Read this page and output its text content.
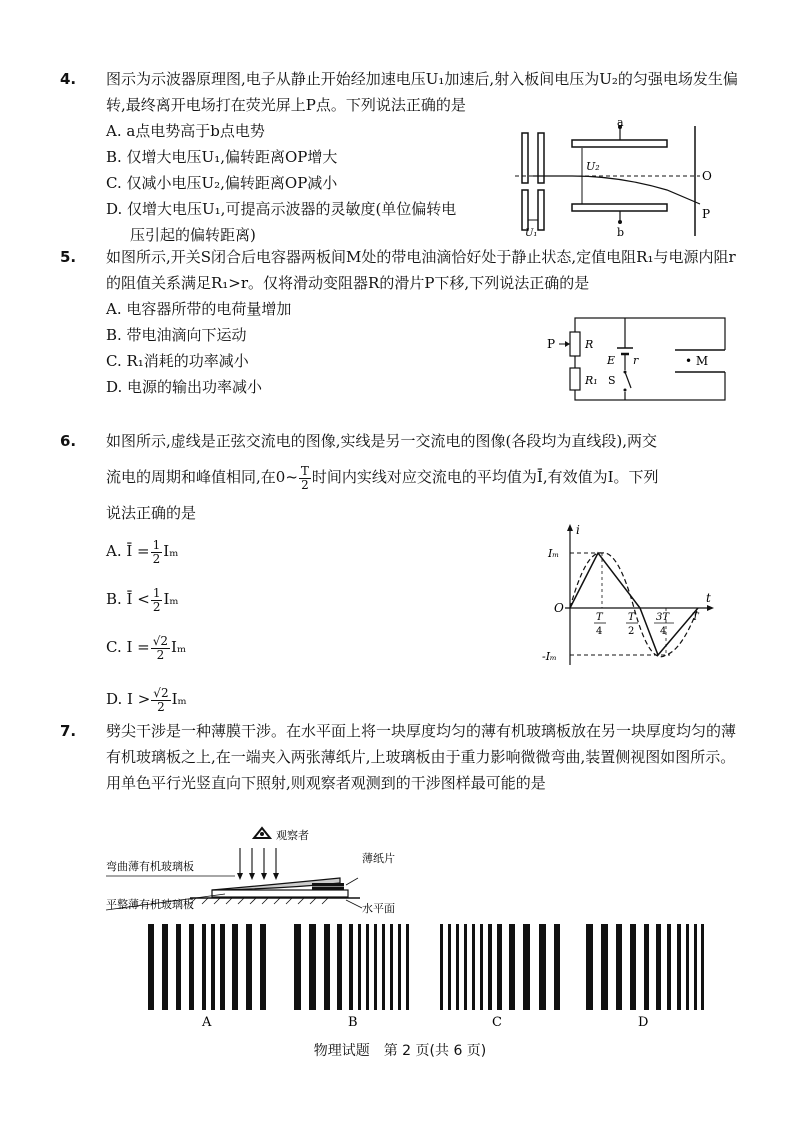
4. 图示为示波器原理图,电子从静止开始经加速电压U₁加速后,射入板间电压为U₂的匀强电场发生偏转,最终离开电场打在荧光屏上P点。下列说法正确的是
A. a点电势高于b点电势
B. 仅增大电压U₁,偏转距离OP增大
C. 仅减小电压U₂,偏转距离OP减小
D. 仅增大电压U₁,可提高示波器的灵敏度(单位偏转电
压引起的偏转距离)
a
b
U₂
O
P
U₁
5. 如图所示,开关S闭合后电容器两板间M处的带电油滴恰好处于静止状态,定值电阻R₁与电源内阻r的阻值关系满足R₁>r。仅将滑动变阻器R的滑片P下移,下列说法正确的是
A. 电容器所带的电荷量增加
B. 带电油滴向下运动
C. R₁消耗的功率减小
D. 电源的输出功率减小
P	R
R₁
E r
S
• M
6. 如图所示,虚线是正弦交流电的图像,实线是另一交流电的图像(各段均为直线段),两交
流电的周期和峰值相同,在0~ $\frac{T}{2}$ 时间内实线对应交流电的平均值为Ī,有效值为I。下列
说法正确的是
A. Ī = $\frac{1}{2}$ Iₘ
B. Ī < $\frac{1}{2}$ Iₘ
C. $I = \frac{√2}{2}$ Iₘ
D. $I > \frac{√2}{2}$ Iₘ
i
t
O
Iₘ
-Iₘ
T
4
T
2
3T
4
T
7. 劈尖干涉是一种薄膜干涉。在水平面上将一块厚度均匀的薄有机玻璃板放在另一块厚度均匀的薄有机玻璃板之上,在一端夹入两张薄纸片,上玻璃板由于重力影响微微弯曲,装置侧视图如图所示。用单色平行光竖直向下照射,则观察者观测到的干涉图样最可能的是
观察者
弯曲薄有机玻璃板
平整薄有机玻璃板
薄纸片
水平面
A	B	C	D
物理试题　第 2 页(共 6 页)
